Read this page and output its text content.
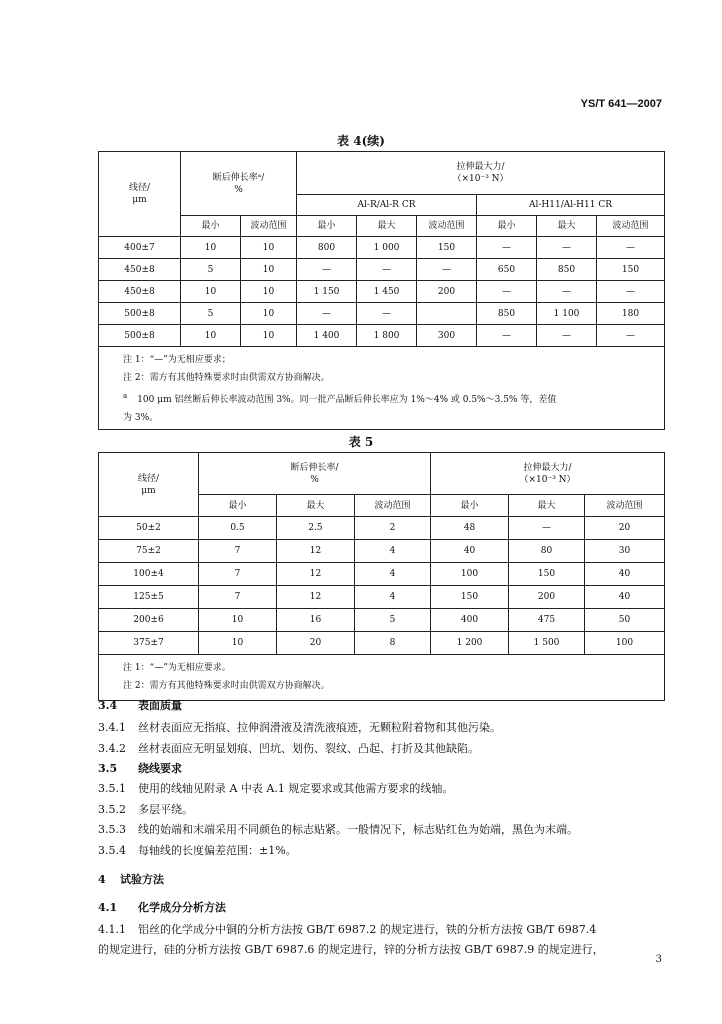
YS/T 641—2007
表 4(续)
线径/
μm	断后伸长率ᵃ/
%		拉伸最大力/
（×10⁻³ N）					

			Al-R/Al-R CR			Al-H11/Al-H11 CR		
	最小	波动范围	最小	最大	波动范围	最小	最大	波动范围
400±7	10	10	800	1 000	150	—	—	—
450±8	5	10	—	—	—	650	850	150
450±8	10	10	1 150	1 450	200	—	—	—
500±8	5	10	—	—		850	1 100	180
500±8	10	10	1 400	1 800	300	—	—	—

注 1：“—”为无相应要求；
注 2：需方有其他特殊要求时由供需双方协商解决。
$^a$ 100 μm 铝丝断后伸长率波动范围 3%。同一批产品断后伸长率应为 1%～4% 或 0.5%～3.5% 等，差值
为 3%。								
表 5
线径/
μm	断后伸长率/
%			拉伸最大力/
（×10⁻³ N）		

	最小	最大	波动范围	最小	最大	波动范围
50±2	0.5	2.5	2	48	—	20
75±2	7	12	4	40	80	30
100±4	7	12	4	100	150	40
125±5	7	12	4	150	200	40
200±6	10	16	5	400	475	50
375±7	10	20	8	1 200	1 500	100

注 1：“—”为无相应要求。
注 2：需方有其他特殊要求时由供需双方协商解决。						
3.4 表面质量
3.4.1 丝材表面应无指痕、拉伸润滑液及清洗液痕迹，无颗粒附着物和其他污染。
3.4.2 丝材表面应无明显划痕、凹坑、划伤、裂纹、凸起、打折及其他缺陷。
3.5 绕线要求
3.5.1 使用的线轴见附录 A 中表 A.1 规定要求或其他需方要求的线轴。
3.5.2 多层平绕。
3.5.3 线的始端和末端采用不同颜色的标志贴紧。一般情况下，标志贴红色为始端，黑色为末端。
3.5.4 每轴线的长度偏差范围：±1%。
4 试验方法
4.1 化学成分分析方法
4.1.1 铝丝的化学成分中铜的分析方法按 GB/T 6987.2 的规定进行，铁的分析方法按 GB/T 6987.4
的规定进行，硅的分析方法按 GB/T 6987.6 的规定进行，锌的分析方法按 GB/T 6987.9 的规定进行，
3
